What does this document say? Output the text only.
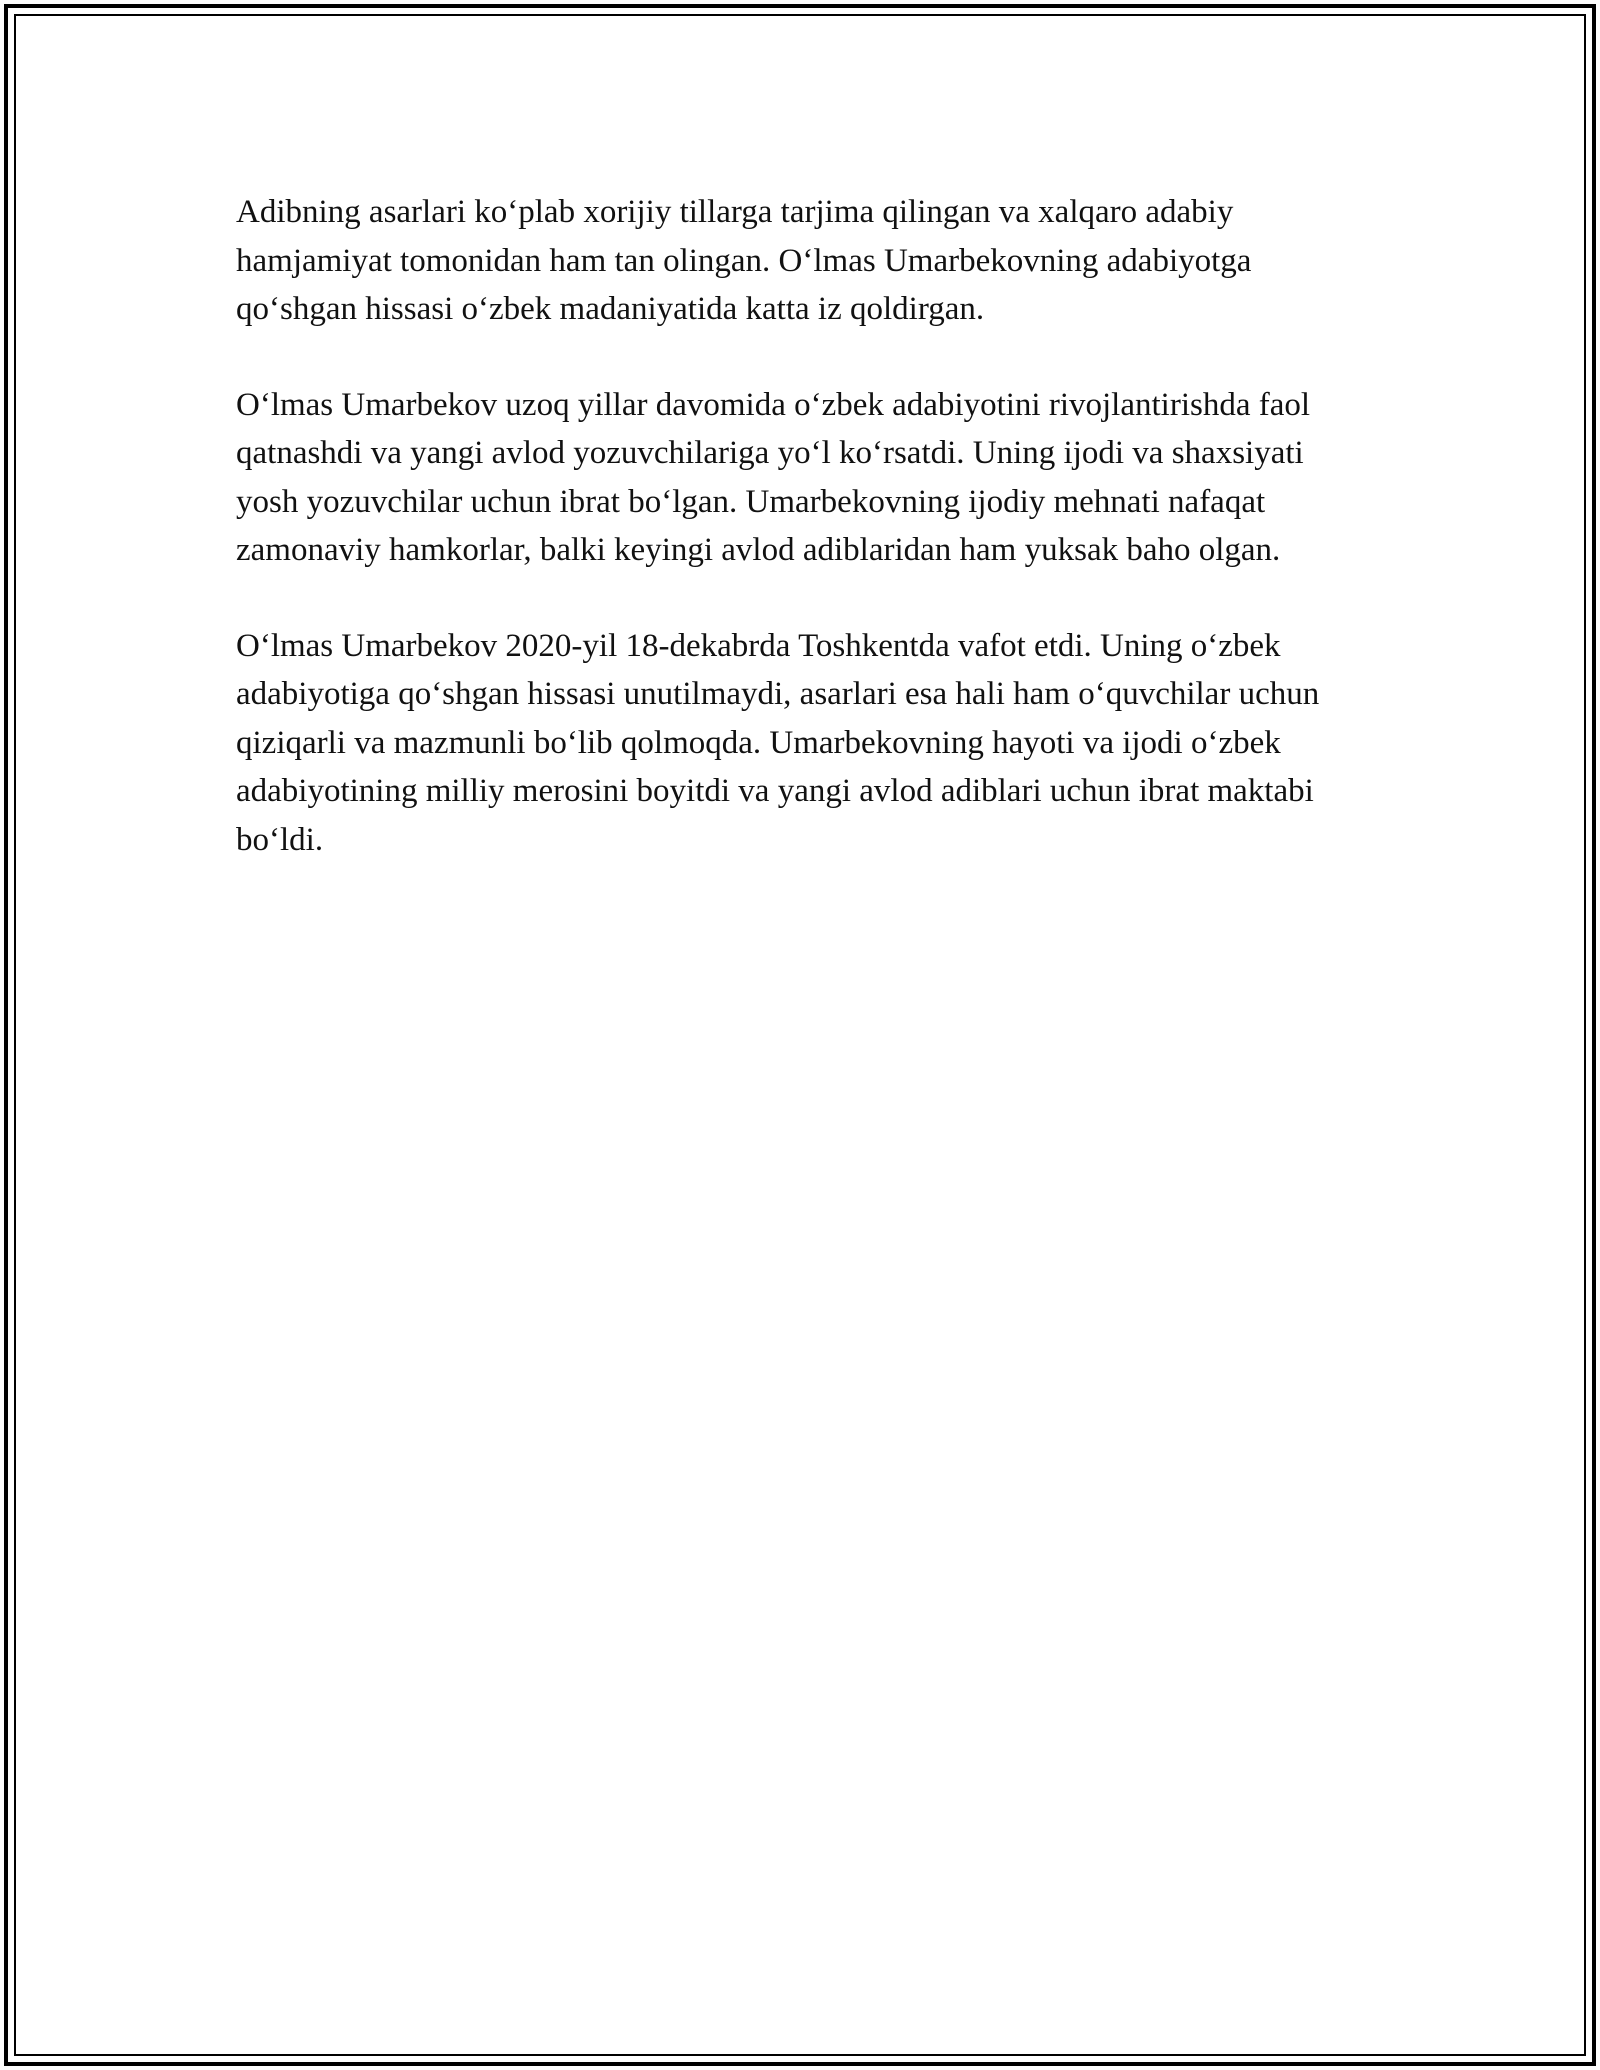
Adibning asarlari koʻplab xorijiy tillarga tarjima qilingan va xalqaro adabiy hamjamiyat tomonidan ham tan olingan. Oʻlmas Umarbekovning adabiyotga qoʻshgan hissasi oʻzbek madaniyatida katta iz qoldirgan.

Oʻlmas Umarbekov uzoq yillar davomida oʻzbek adabiyotini rivojlantirishda faol qatnashdi va yangi avlod yozuvchilariga yoʻl koʻrsatdi. Uning ijodi va shaxsiyati yosh yozuvchilar uchun ibrat boʻlgan. Umarbekovning ijodiy mehnati nafaqat zamonaviy hamkorlar, balki keyingi avlod adiblaridan ham yuksak baho olgan.

Oʻlmas Umarbekov 2020-yil 18-dekabrda Toshkentda vafot etdi. Uning oʻzbek adabiyotiga qoʻshgan hissasi unutilmaydi, asarlari esa hali ham oʻquvchilar uchun qiziqarli va mazmunli boʻlib qolmoqda. Umarbekovning hayoti va ijodi oʻzbek adabiyotining milliy merosini boyitdi va yangi avlod adiblari uchun ibrat maktabi boʻldi.
